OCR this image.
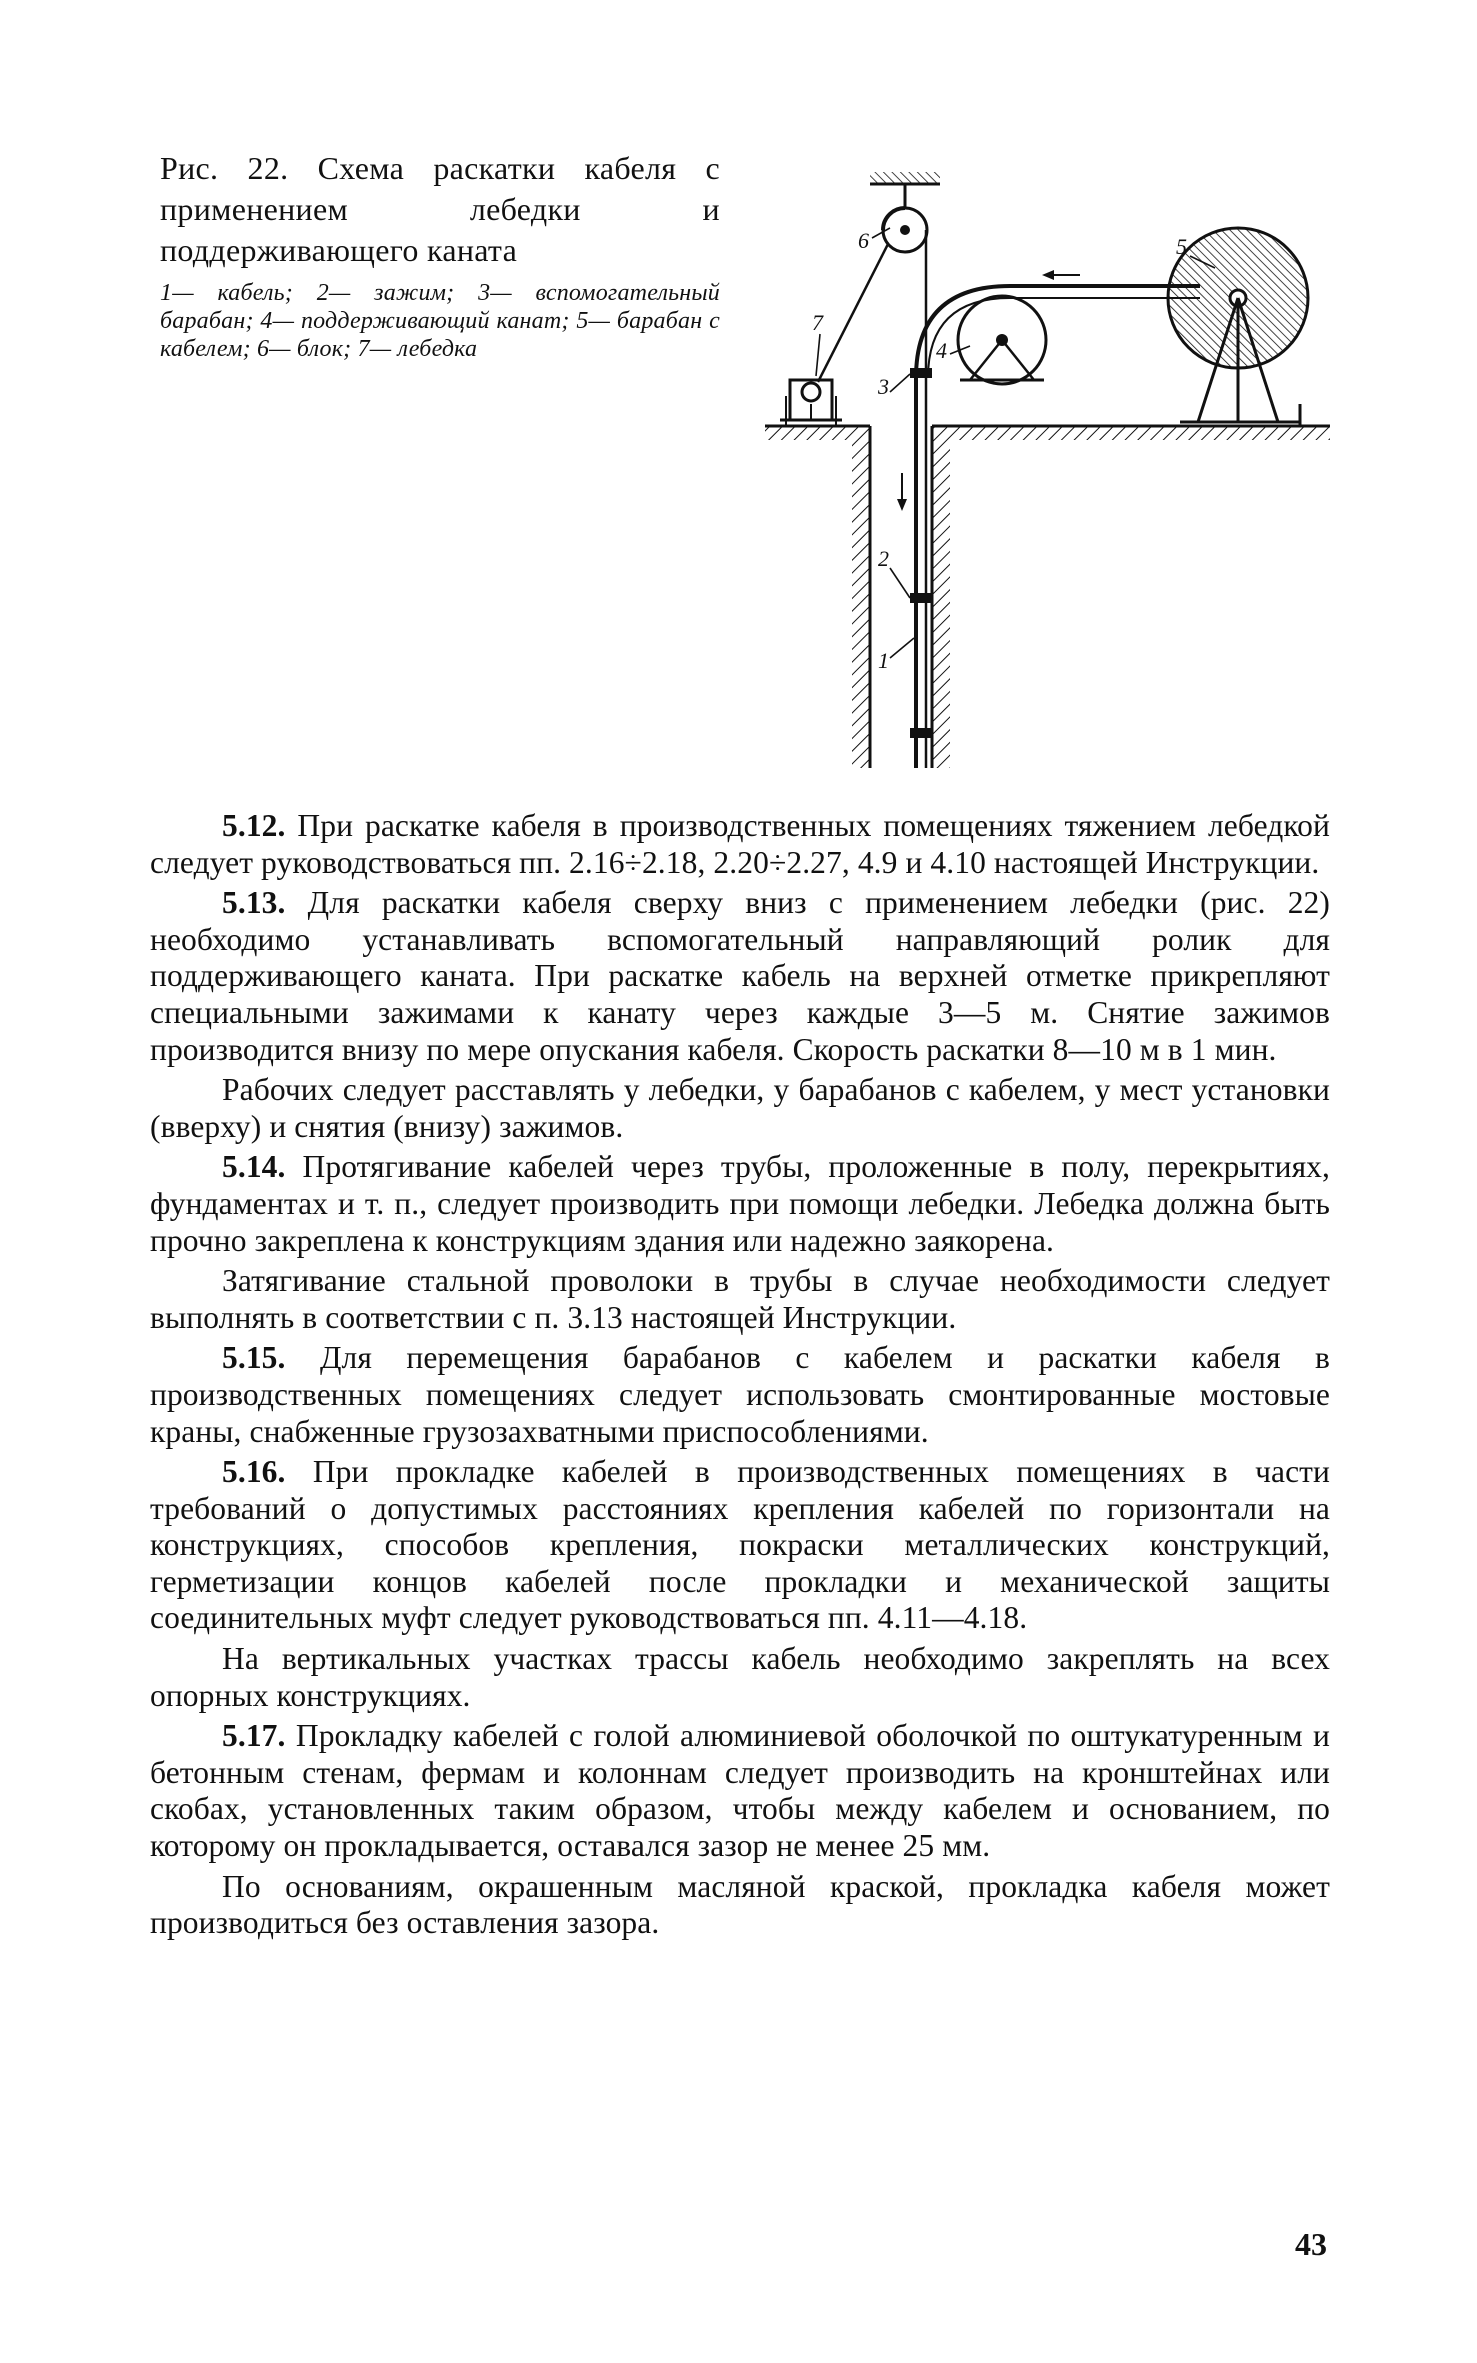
Рис. 22. Схема раскатки кабеля с применением лебедки и поддерживающего каната
1— кабель; 2— зажим; 3— вспомогательный барабан; 4— поддерживающий канат; 5— барабан с кабелем; 6— блок; 7— лебедка
6
7
5
4
3
2
1

5.12. При раскатке кабеля в производственных помещениях тяжением лебедкой следует руководствоваться пп. 2.16÷2.18, 2.20÷2.27, 4.9 и 4.10 настоящей Инструкции.

5.13. Для раскатки кабеля сверху вниз с применением лебедки (рис. 22) необходимо устанавливать вспомогательный направляющий ролик для поддерживающего каната. При раскатке кабель на верхней отметке прикрепляют специальными зажимами к канату через каждые 3—5 м. Снятие зажимов производится внизу по мере опускания кабеля. Скорость раскатки 8—10 м в 1 мин.

Рабочих следует расставлять у лебедки, у барабанов с кабелем, у мест установки (вверху) и снятия (внизу) зажимов.

5.14. Протягивание кабелей через трубы, проложенные в полу, перекрытиях, фундаментах и т. п., следует производить при помощи лебедки. Лебедка должна быть прочно закреплена к конструкциям здания или надежно заякорена.

Затягивание стальной проволоки в трубы в случае необходимости следует выполнять в соответствии с п. 3.13 настоящей Инструкции.

5.15. Для перемещения барабанов с кабелем и раскатки кабеля в производственных помещениях следует использовать смонтированные мостовые краны, снабженные грузозахватными приспособлениями.

5.16. При прокладке кабелей в производственных помещениях в части требований о допустимых расстояниях крепления кабелей по горизонтали на конструкциях, способов крепления, покраски металлических конструкций, герметизации концов кабелей после прокладки и механической защиты соединительных муфт следует руководствоваться пп. 4.11—4.18.

На вертикальных участках трассы кабель необходимо закреплять на всех опорных конструкциях.

5.17. Прокладку кабелей с голой алюминиевой оболочкой по оштукатуренным и бетонным стенам, фермам и колоннам следует производить на кронштейнах или скобах, установленных таким образом, чтобы между кабелем и основанием, по которому он прокладывается, оставался зазор не менее 25 мм.

По основаниям, окрашенным масляной краской, прокладка кабеля может производиться без оставления зазора.

43
